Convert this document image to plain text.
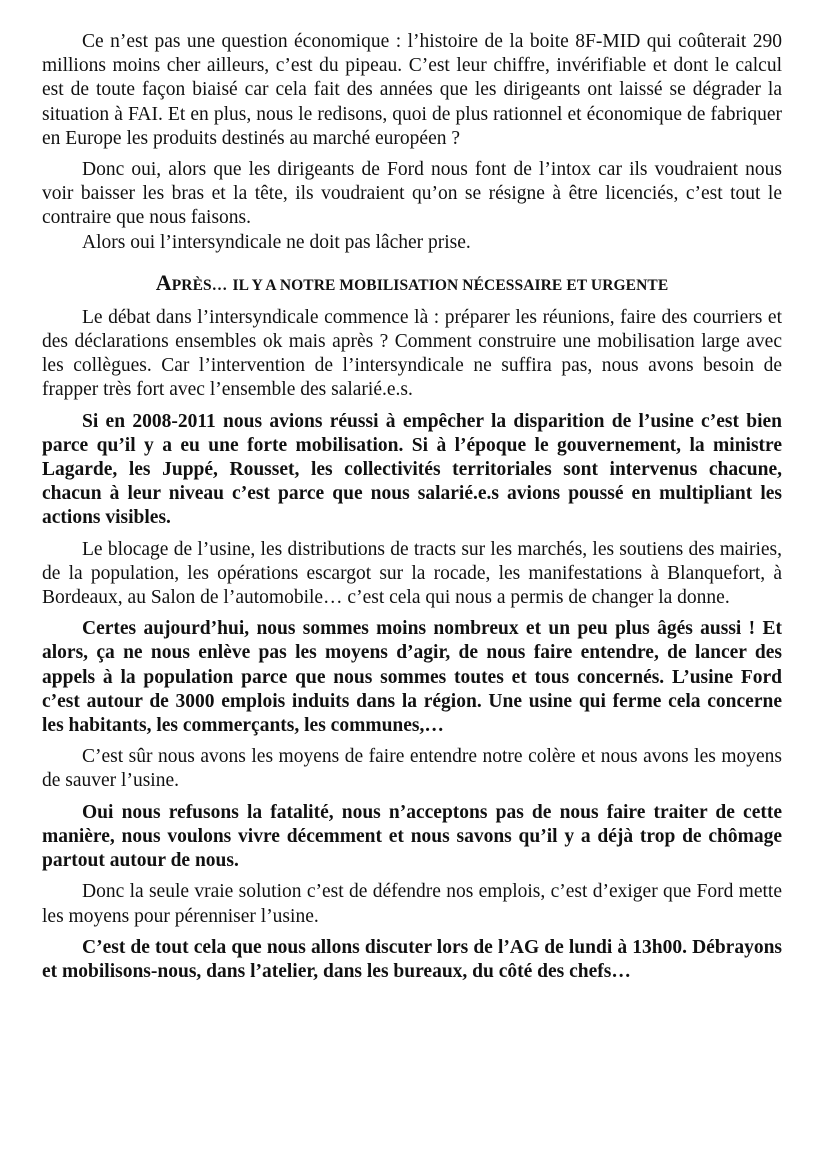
Ce n’est pas une question économique : l’histoire de la boite 8F-MID qui coûterait 290 millions moins cher ailleurs, c’est du pipeau. C’est leur chiffre, invérifiable et dont le calcul est de toute façon biaisé car cela fait des années que les dirigeants ont laissé se dégrader la situation à FAI. Et en plus, nous le redisons, quoi de plus rationnel et économique de fabriquer en Europe les produits destinés au marché européen ?

Donc oui, alors que les dirigeants de Ford nous font de l’intox car ils voudraient nous voir baisser les bras et la tête, ils voudraient qu’on se résigne à être licenciés, c’est tout le contraire que nous faisons.

Alors oui l’intersyndicale ne doit pas lâcher prise.

APRÈS… IL Y A NOTRE MOBILISATION NÉCESSAIRE ET URGENTE

Le débat dans l’intersyndicale commence là : préparer les réunions, faire des courriers et des déclarations ensembles ok mais après ? Comment construire une mobilisation large avec les collègues. Car l’intervention de l’intersyndicale ne suffira pas, nous avons besoin de frapper très fort avec l’ensemble des salarié.e.s.

Si en 2008-2011 nous avions réussi à empêcher la disparition de l’usine c’est bien parce qu’il y a eu une forte mobilisation. Si à l’époque le gouvernement, la ministre Lagarde, les Juppé, Rousset, les collectivités territoriales sont intervenus chacune, chacun à leur niveau c’est parce que nous salarié.e.s avions poussé en multipliant les actions visibles.

Le blocage de l’usine, les distributions de tracts sur les marchés, les soutiens des mairies, de la population, les opérations escargot sur la rocade, les manifestations à Blanquefort, à Bordeaux, au Salon de l’automobile… c’est cela qui nous a permis de changer la donne.

Certes aujourd’hui, nous sommes moins nombreux et un peu plus âgés aussi ! Et alors, ça ne nous enlève pas les moyens d’agir, de nous faire entendre, de lancer des appels à la population parce que nous sommes toutes et tous concernés. L’usine Ford c’est autour de 3000 emplois induits dans la région. Une usine qui ferme cela concerne les habitants, les commerçants, les communes,…

C’est sûr nous avons les moyens de faire entendre notre colère et nous avons les moyens de sauver l’usine.

Oui nous refusons la fatalité, nous n’acceptons pas de nous faire traiter de cette manière, nous voulons vivre décemment et nous savons qu’il y a déjà trop de chômage partout autour de nous.

Donc la seule vraie solution c’est de défendre nos emplois, c’est d’exiger que Ford mette les moyens pour pérenniser l’usine.

C’est de tout cela que nous allons discuter lors de l’AG de lundi à 13h00. Débrayons et mobilisons-nous, dans l’atelier, dans les bureaux, du côté des chefs…
